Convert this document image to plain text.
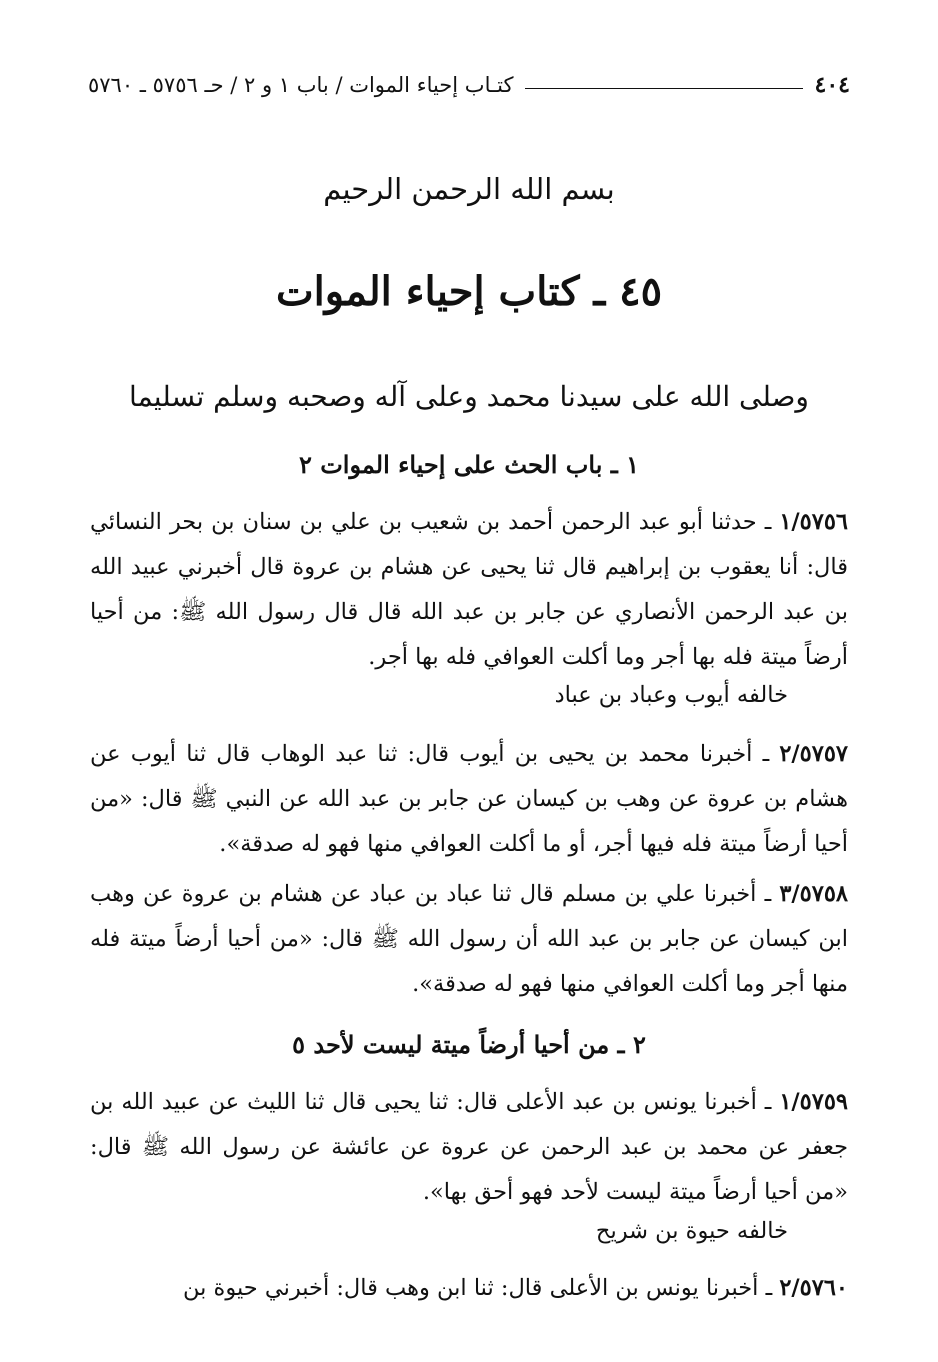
٤٠٤
كتـاب إحياء الموات / باب ١ و ٢ / حـ ٥٧٥٦ ـ ٥٧٦٠
بسم الله الرحمن الرحيم
٤٥ ـ كتاب إحياء الموات
وصلى الله على سيدنا محمد وعلى آله وصحبه وسلم تسليما
١ ـ باب الحث على إحياء الموات ٢
١/٥٧٥٦ ـ حدثنا أبو عبد الرحمن أحمد بن شعيب بن علي بن سنان بن بحر النسائي قال: أنا يعقوب بن إبراهيم قال ثنا يحيى عن هشام بن عروة قال أخبرني عبيد الله بن عبد الرحمن الأنصاري عن جابر بن عبد الله قال قال رسول الله ﷺ: من أحيا أرضاً ميتة فله بها أجر وما أكلت العوافي فله بها أجر.
خالفه أيوب وعباد بن عباد
٢/٥٧٥٧ ـ أخبرنا محمد بن يحيى بن أيوب قال: ثنا عبد الوهاب قال ثنا أيوب عن هشام بن عروة عن وهب بن كيسان عن جابر بن عبد الله عن النبي ﷺ قال: «من أحيا أرضاً ميتة فله فيها أجر، أو ما أكلت العوافي منها فهو له صدقة».
٣/٥٧٥٨ ـ أخبرنا علي بن مسلم قال ثنا عباد بن عباد عن هشام بن عروة عن وهب ابن كيسان عن جابر بن عبد الله أن رسول الله ﷺ قال: «من أحيا أرضاً ميتة فله منها أجر وما أكلت العوافي منها فهو له صدقة».
٢ ـ من أحيا أرضاً ميتة ليست لأحد ٥
١/٥٧٥٩ ـ أخبرنا يونس بن عبد الأعلى قال: ثنا يحيى قال ثنا الليث عن عبيد الله بن جعفر عن محمد بن عبد الرحمن عن عروة عن عائشة عن رسول الله ﷺ قال: «من أحيا أرضاً ميتة ليست لأحد فهو أحق بها».
خالفه حيوة بن شريح
٢/٥٧٦٠ ـ أخبرنا يونس بن الأعلى قال: ثنا ابن وهب قال: أخبرني حيوة بن
